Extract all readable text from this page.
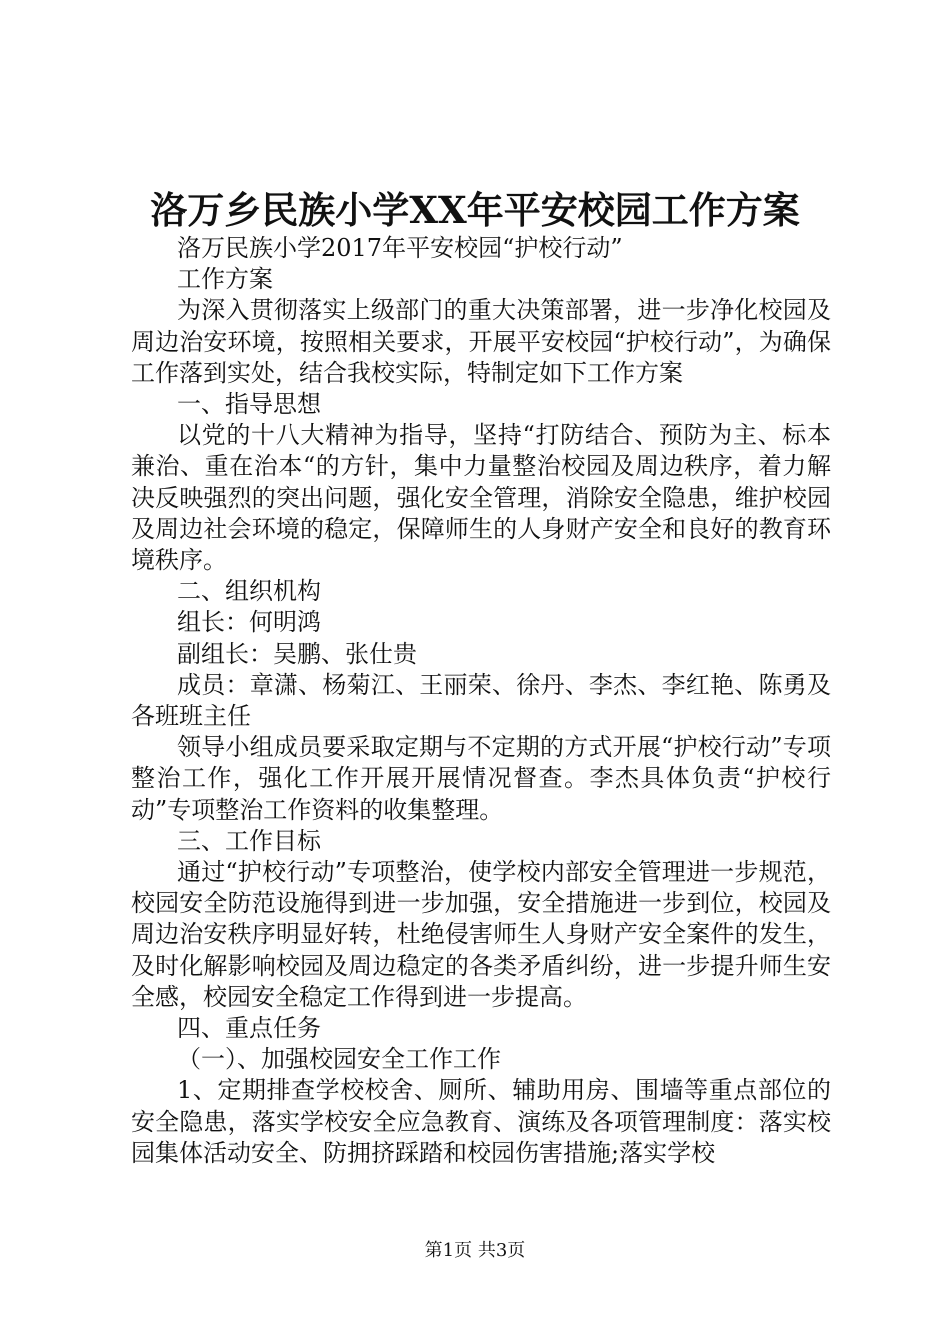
洛万乡民族小学XX年平安校园工作方案

洛万民族小学2017年平安校园“护校行动”

工作方案

为深入贯彻落实上级部门的重大决策部署，进一步净化校园及周边治安环境，按照相关要求，开展平安校园“护校行动”，为确保工作落到实处，结合我校实际，特制定如下工作方案

一、指导思想

以党的十八大精神为指导，坚持“打防结合、预防为主、标本兼治、重在治本“的方针，集中力量整治校园及周边秩序，着力解决反映强烈的突出问题，强化安全管理，消除安全隐患，维护校园及周边社会环境的稳定，保障师生的人身财产安全和良好的教育环境秩序。

二、组织机构

组长：何明鸿

副组长：吴鹏、张仕贵

成员：章潇、杨菊江、王丽荣、徐丹、李杰、李红艳、陈勇及各班班主任

领导小组成员要采取定期与不定期的方式开展“护校行动”专项整治工作，强化工作开展开展情况督查。李杰具体负责“护校行动”专项整治工作资料的收集整理。

三、工作目标

通过“护校行动”专项整治，使学校内部安全管理进一步规范，校园安全防范设施得到进一步加强，安全措施进一步到位，校园及周边治安秩序明显好转，杜绝侵害师生人身财产安全案件的发生，及时化解影响校园及周边稳定的各类矛盾纠纷，进一步提升师生安全感，校园安全稳定工作得到进一步提高。

四、重点任务

（一）、加强校园安全工作工作

1、定期排查学校校舍、厕所、辅助用房、围墙等重点部位的安全隐患，落实学校安全应急教育、演练及各项管理制度：落实校园集体活动安全、防拥挤踩踏和校园伤害措施;落实学校

第1页 共3页
